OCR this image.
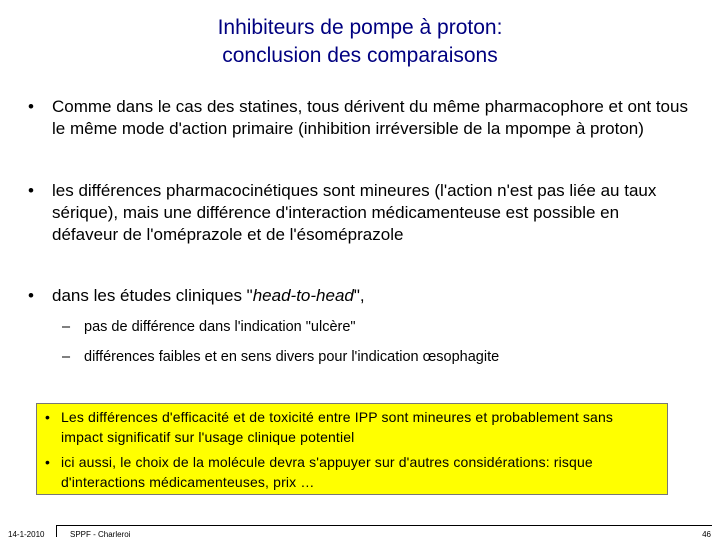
Inhibiteurs de pompe à proton:
conclusion des comparaisons
• Comme dans le cas des statines, tous dérivent du même pharmacophore et ont tous le même mode d'action primaire (inhibition irréversible de la mpompe à proton)
• les différences pharmacocinétiques sont mineures (l'action n'est pas liée au taux sérique), mais une différence d'interaction médicamenteuse est possible en défaveur de l'oméprazole et de l'ésoméprazole
• dans les études cliniques "head-to-head",
– pas de différence dans l'indication "ulcère"
– différences faibles et en sens divers pour l'indication œsophagite
• Les différences d'efficacité et de toxicité entre IPP sont mineures et probablement sans impact significatif sur l'usage clinique potentiel
• ici aussi, le choix de la molécule devra s'appuyer sur d'autres considérations: risque d'interactions médicamenteuses, prix …
14-1-2010	SPPF - Charleroi	46
